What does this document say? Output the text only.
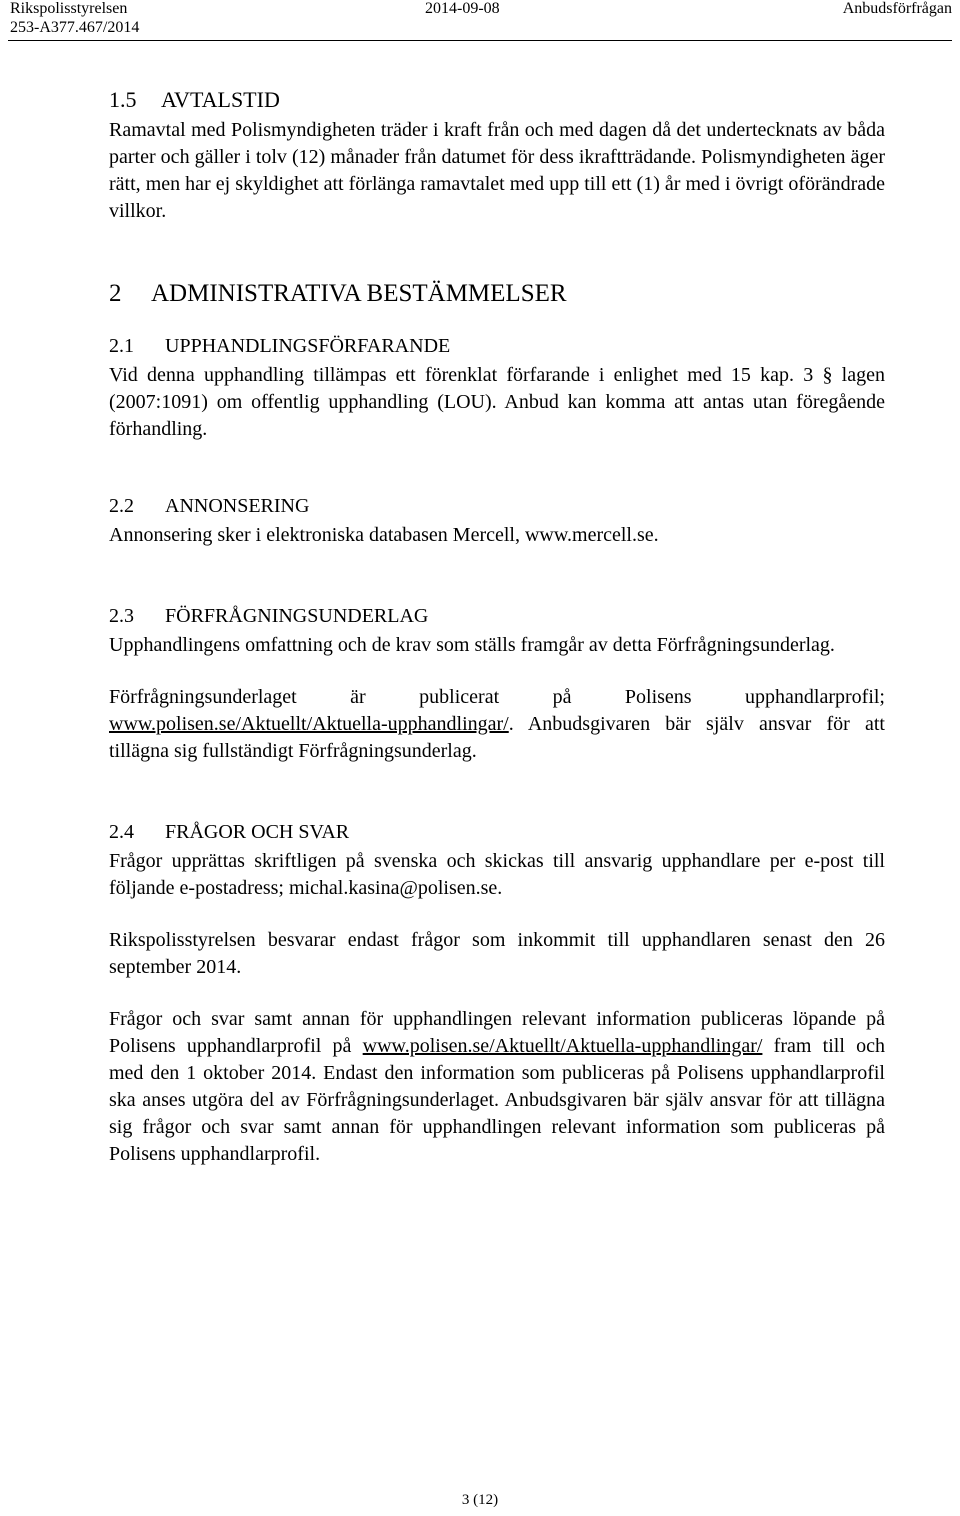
Rikspolisstyrelsen
253-A377.467/2014
2014-09-08	Anbudsförfrågan
1.5 AVTALSTID

Ramavtal med Polismyndigheten träder i kraft från och med dagen då det undertecknats av båda parter och gäller i tolv (12) månader från datumet för dess ikraftträdande. Polismyndigheten äger rätt, men har ej skyldighet att förlänga ramavtalet med upp till ett (1) år med i övrigt oförändrade villkor.

2 ADMINISTRATIVA BESTÄMMELSER
2.1 UPPHANDLINGSFÖRFARANDE

Vid denna upphandling tillämpas ett förenklat förfarande i enlighet med 15 kap. 3 § lagen (2007:1091) om offentlig upphandling (LOU). Anbud kan komma att antas utan föregående förhandling.

2.2 ANNONSERING

Annonsering sker i elektroniska databasen Mercell, www.mercell.se.

2.3 FÖRFRÅGNINGSUNDERLAG

Upphandlingens omfattning och de krav som ställs framgår av detta Förfrågningsunderlag.

Förfrågningsunderlaget är publicerat på Polisens upphandlarprofil; www.polisen.se/Aktuellt/Aktuella-upphandlingar/. Anbudsgivaren bär själv ansvar för att tillägna sig fullständigt Förfrågningsunderlag.

2.4 FRÅGOR OCH SVAR

Frågor upprättas skriftligen på svenska och skickas till ansvarig upphandlare per e-post till följande e-postadress; michal.kasina@polisen.se.

Rikspolisstyrelsen besvarar endast frågor som inkommit till upphandlaren senast den 26 september 2014.

Frågor och svar samt annan för upphandlingen relevant information publiceras löpande på Polisens upphandlarprofil på www.polisen.se/Aktuellt/Aktuella-upphandlingar/ fram till och med den 1 oktober 2014. Endast den information som publiceras på Polisens upphandlarprofil ska anses utgöra del av Förfrågningsunderlaget. Anbudsgivaren bär själv ansvar för att tillägna sig frågor och svar samt annan för upphandlingen relevant information som publiceras på Polisens upphandlarprofil.

3 (12)
